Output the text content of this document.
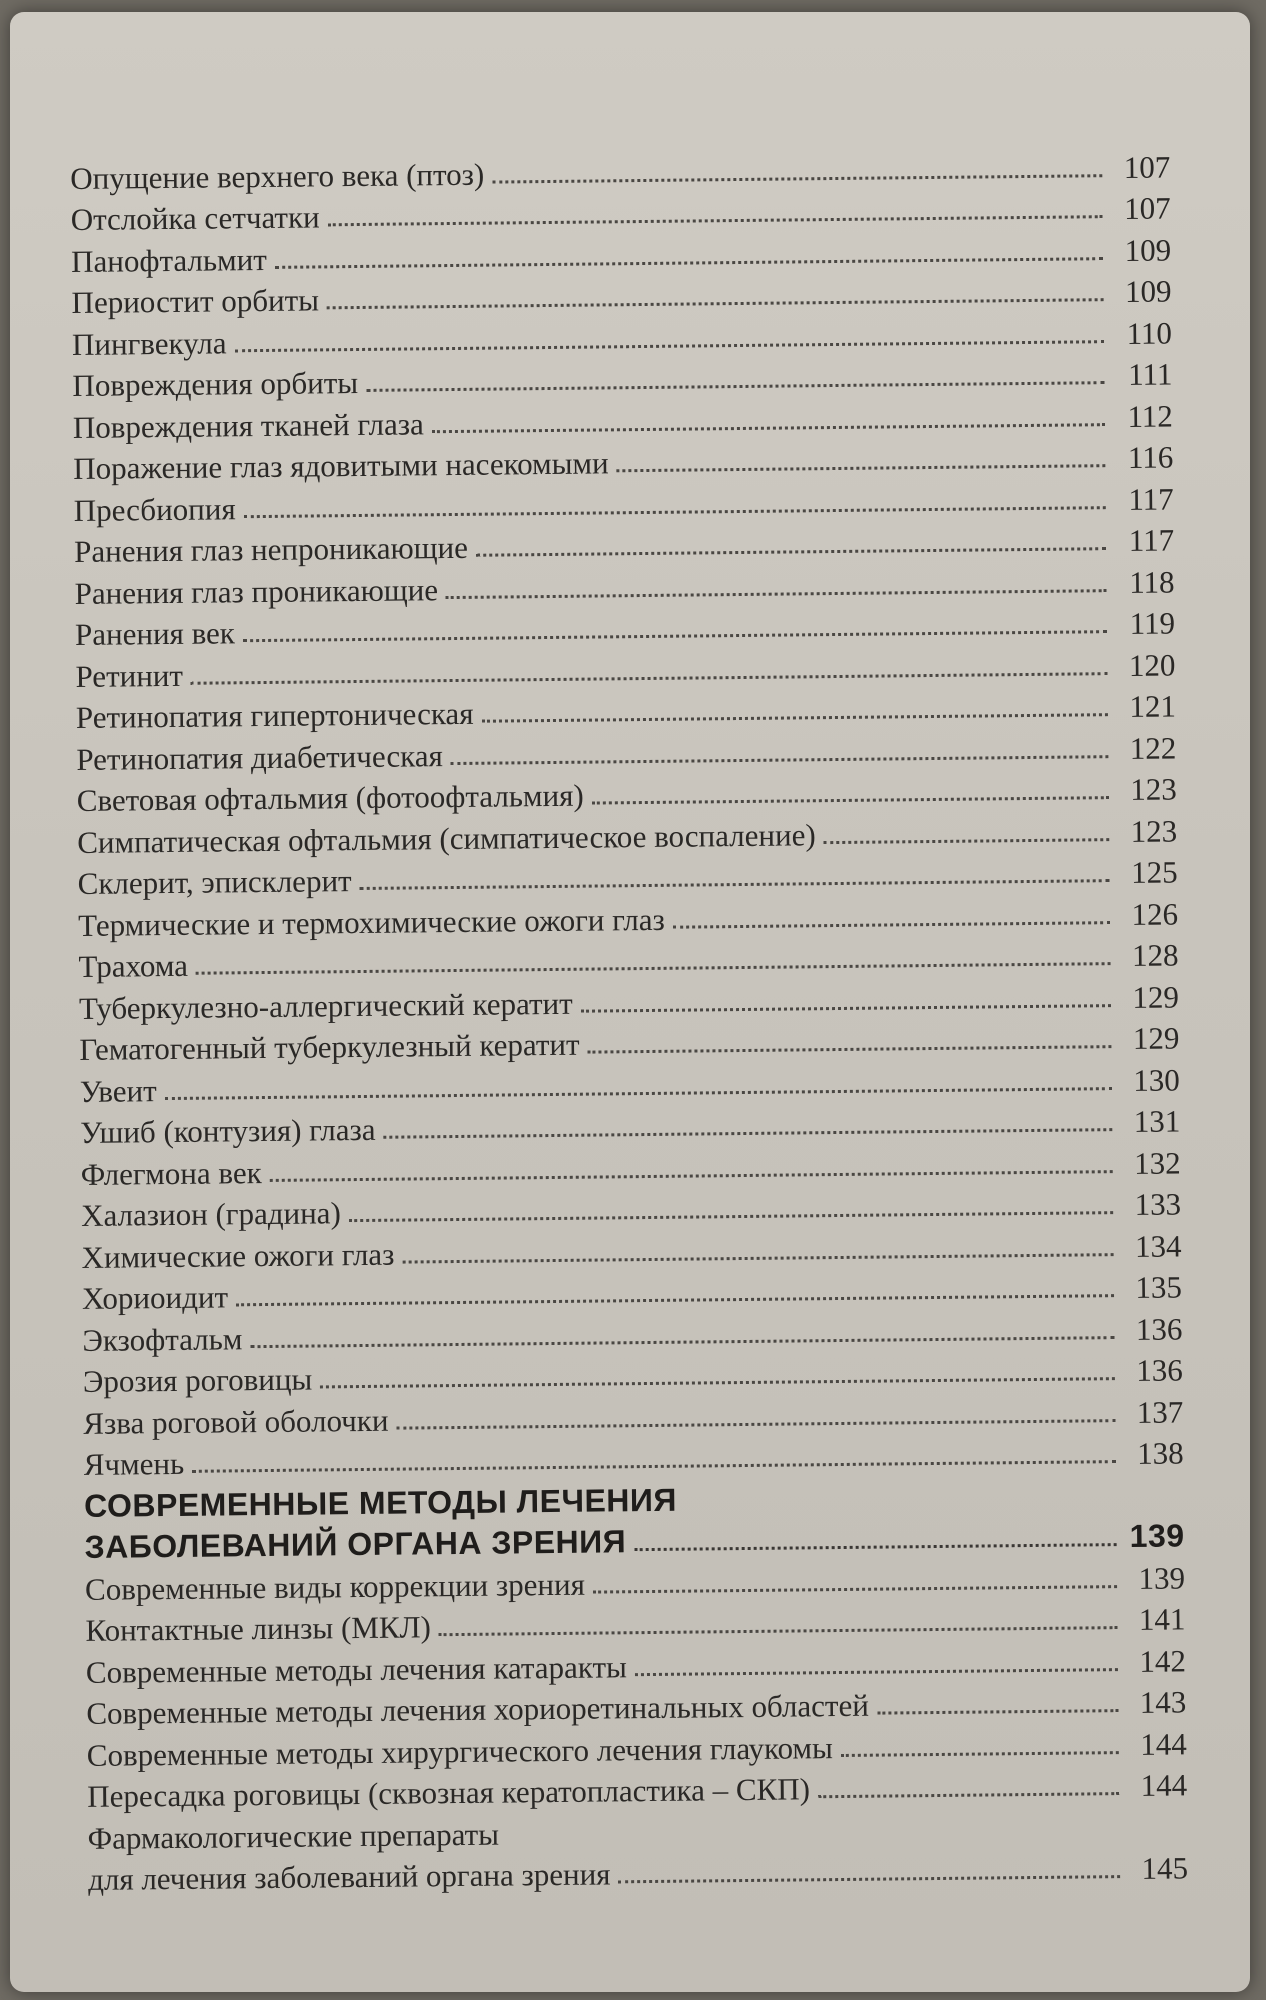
Опущение верхнего века (птоз)	107
Отслойка сетчатки	107
Панофтальмит	109
Периостит орбиты	109
Пингвекула	110
Повреждения орбиты	111
Повреждения тканей глаза	112
Поражение глаз ядовитыми насекомыми	116
Пресбиопия	117
Ранения глаз непроникающие	117
Ранения глаз проникающие	118
Ранения век	119
Ретинит	120
Ретинопатия гипертоническая	121
Ретинопатия диабетическая	122
Световая офтальмия (фотоофтальмия)	123
Симпатическая офтальмия (симпатическое воспаление)	123
Склерит, эписклерит	125
Термические и термохимические ожоги глаз	126
Трахома	128
Туберкулезно-аллергический кератит	129
Гематогенный туберкулезный кератит	129
Увеит	130
Ушиб (контузия) глаза	131
Флегмона век	132
Халазион (градина)	133
Химические ожоги глаз	134
Хориоидит	135
Экзофтальм	136
Эрозия роговицы	136
Язва роговой оболочки	137
Ячмень	138
СОВРЕМЕННЫЕ МЕТОДЫ ЛЕЧЕНИЯ
ЗАБОЛЕВАНИЙ ОРГАНА ЗРЕНИЯ	139
Современные виды коррекции зрения	139
Контактные линзы (МКЛ)	141
Современные методы лечения катаракты	142
Современные методы лечения хориоретинальных областей	143
Современные методы хирургического лечения глаукомы	144
Пересадка роговицы (сквозная кератопластика – СКП)	144
Фармакологические препараты
для лечения заболеваний органа зрения	145
